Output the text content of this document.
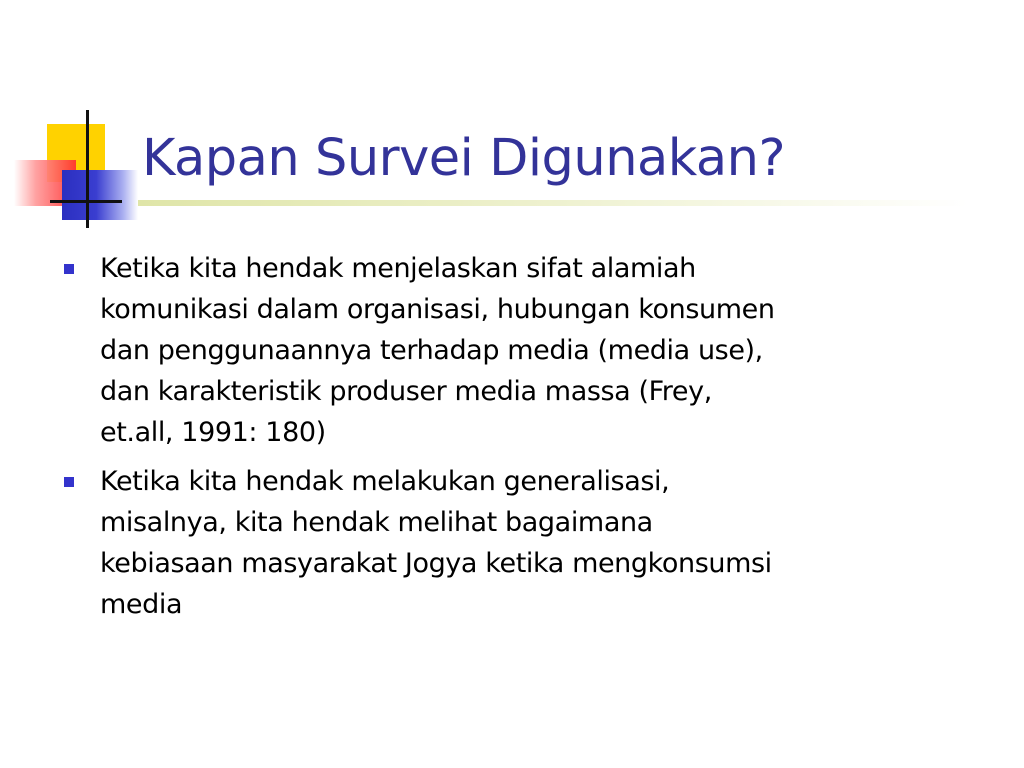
Kapan Survei Digunakan?
Ketika kita hendak menjelaskan sifat alamiah
komunikasi dalam organisasi, hubungan konsumen
dan penggunaannya terhadap media (media use),
dan karakteristik produser media massa (Frey,
et.all, 1991: 180)
Ketika kita hendak melakukan generalisasi,
misalnya, kita hendak melihat bagaimana
kebiasaan masyarakat Jogya ketika mengkonsumsi
media
